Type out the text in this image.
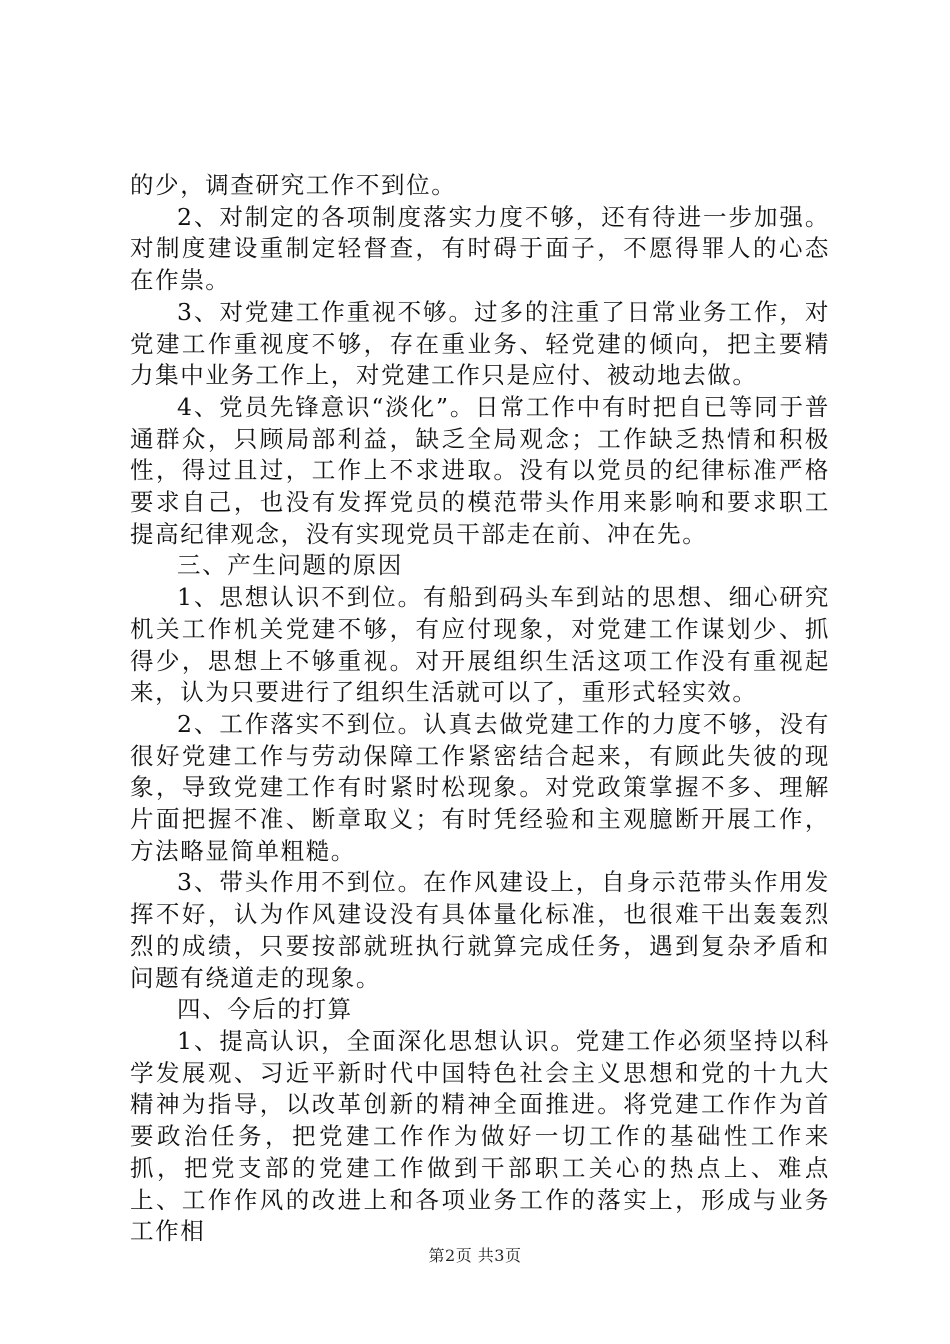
的少，调查研究工作不到位。

2、对制定的各项制度落实力度不够，还有待进一步加强。对制度建设重制定轻督查，有时碍于面子，不愿得罪人的心态在作祟。

3、对党建工作重视不够。过多的注重了日常业务工作，对党建工作重视度不够，存在重业务、轻党建的倾向，把主要精力集中业务工作上，对党建工作只是应付、被动地去做。

4、党员先锋意识“淡化”。日常工作中有时把自已等同于普通群众，只顾局部利益，缺乏全局观念；工作缺乏热情和积极性，得过且过，工作上不求进取。没有以党员的纪律标准严格要求自己，也没有发挥党员的模范带头作用来影响和要求职工提高纪律观念，没有实现党员干部走在前、冲在先。

三、产生问题的原因

1、思想认识不到位。有船到码头车到站的思想、细心研究机关工作机关党建不够，有应付现象，对党建工作谋划少、抓得少，思想上不够重视。对开展组织生活这项工作没有重视起来，认为只要进行了组织生活就可以了，重形式轻实效。

2、工作落实不到位。认真去做党建工作的力度不够，没有很好党建工作与劳动保障工作紧密结合起来，有顾此失彼的现象，导致党建工作有时紧时松现象。对党政策掌握不多、理解片面把握不准、断章取义；有时凭经验和主观臆断开展工作，方法略显简单粗糙。

3、带头作用不到位。在作风建设上，自身示范带头作用发挥不好，认为作风建设没有具体量化标准，也很难干出轰轰烈烈的成绩，只要按部就班执行就算完成任务，遇到复杂矛盾和问题有绕道走的现象。

四、今后的打算

1、提高认识，全面深化思想认识。党建工作必须坚持以科学发展观、习近平新时代中国特色社会主义思想和党的十九大精神为指导，以改革创新的精神全面推进。将党建工作作为首要政治任务，把党建工作作为做好一切工作的基础性工作来抓，把党支部的党建工作做到干部职工关心的热点上、难点上、工作作风的改进上和各项业务工作的落实上，形成与业务工作相

第2页 共3页
